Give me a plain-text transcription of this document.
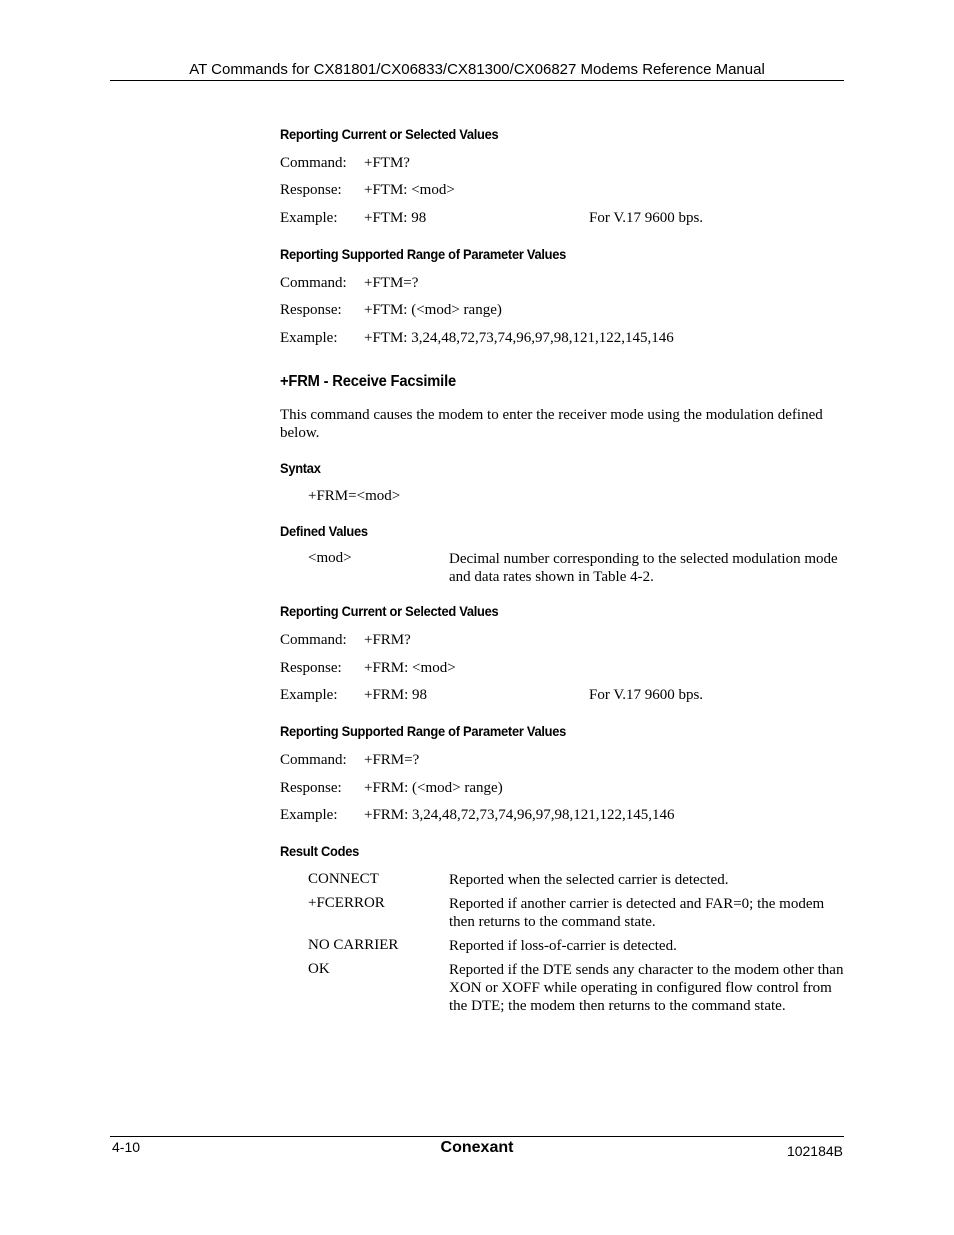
AT Commands for CX81801/CX06833/CX81300/CX06827 Modems Reference Manual
Reporting Current or Selected Values
Command: +FTM?
Response: +FTM: <mod>
Example: +FTM: 98	For V.17 9600 bps.
Reporting Supported Range of Parameter Values
Command: +FTM=?
Response: +FTM: (<mod> range)
Example: +FTM: 3,24,48,72,73,74,96,97,98,121,122,145,146
+FRM - Receive Facsimile
This command causes the modem to enter the receiver mode using the modulation defined below.
Syntax
+FRM=<mod>
Defined Values
<mod>	Decimal number corresponding to the selected modulation mode and data rates shown in Table 4-2.
Reporting Current or Selected Values
Command: +FRM?
Response: +FRM: <mod>
Example: +FRM: 98	For V.17 9600 bps.
Reporting Supported Range of Parameter Values
Command: +FRM=?
Response: +FRM: (<mod> range)
Example: +FRM: 3,24,48,72,73,74,96,97,98,121,122,145,146
Result Codes
CONNECT	Reported when the selected carrier is detected.
+FCERROR	Reported if another carrier is detected and FAR=0; the modem then returns to the command state.
NO CARRIER	Reported if loss-of-carrier is detected.
OK	Reported if the DTE sends any character to the modem other than XON or XOFF while operating in configured flow control from the DTE; the modem then returns to the command state.
4-10	Conexant	102184B
